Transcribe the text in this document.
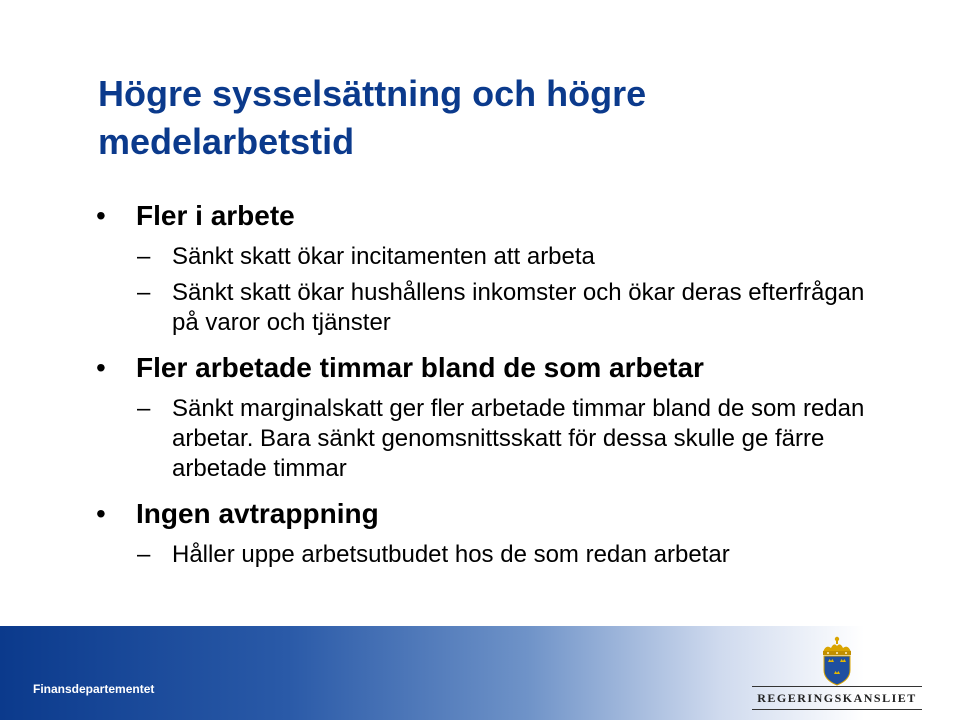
Högre sysselsättning och högre
medelarbetstid

• Fler i arbete

– Sänkt skatt ökar incitamenten att arbeta

– Sänkt skatt ökar hushållens inkomster och ökar deras efterfrågan på varor och tjänster

• Fler arbetade timmar bland de som arbetar

– Sänkt marginalskatt ger fler arbetade timmar bland de som redan arbetar. Bara sänkt genomsnittsskatt för dessa skulle ge färre arbetade timmar

• Ingen avtrappning

– Håller uppe arbetsutbudet hos de som redan arbetar

Finansdepartementet
REGERINGSKANSLIET
